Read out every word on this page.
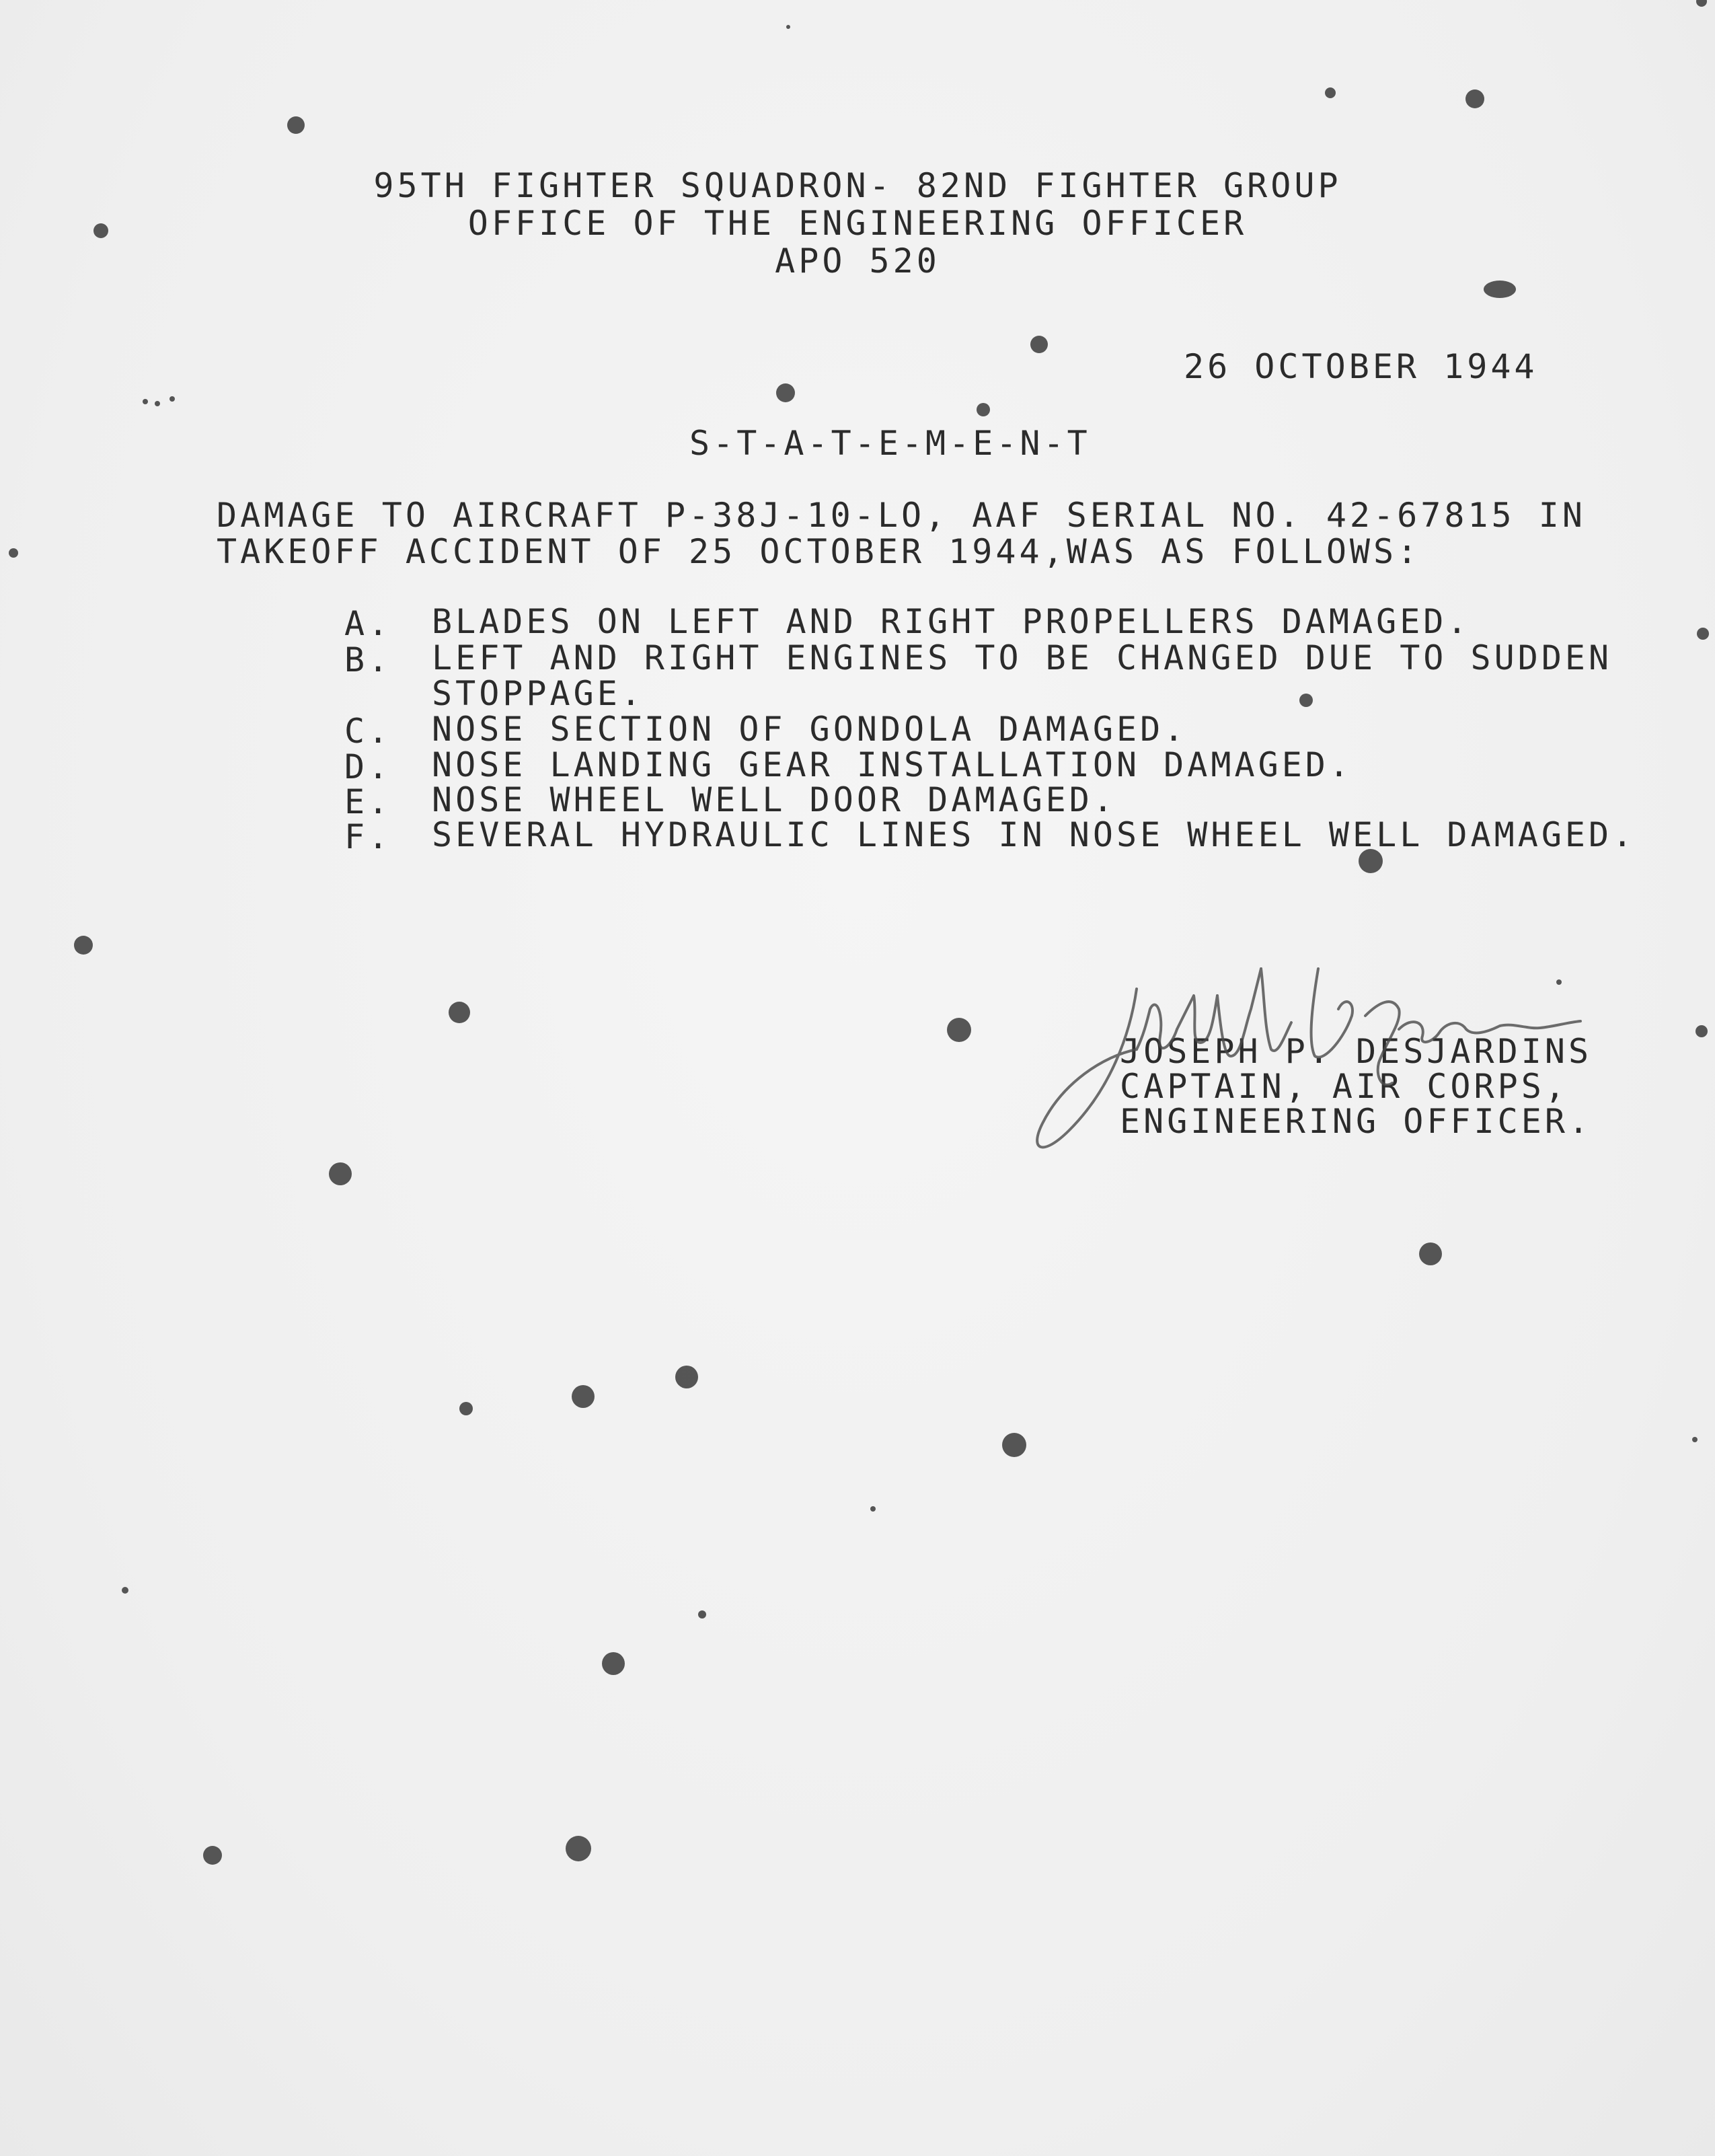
95TH FIGHTER SQUADRON- 82ND FIGHTER GROUP
OFFICE OF THE ENGINEERING OFFICER
APO 520
26 OCTOBER 1944
S-T-A-T-E-M-E-N-T
DAMAGE TO AIRCRAFT P-38J-10-LO, AAF SERIAL NO. 42-67815 IN
TAKEOFF ACCIDENT OF 25 OCTOBER 1944,WAS AS FOLLOWS:
A. BLADES ON LEFT AND RIGHT PROPELLERS DAMAGED.
B. LEFT AND RIGHT ENGINES TO BE CHANGED DUE TO SUDDEN
STOPPAGE.
C. NOSE SECTION OF GONDOLA DAMAGED.
D. NOSE LANDING GEAR INSTALLATION DAMAGED.
E. NOSE WHEEL WELL DOOR DAMAGED.
F. SEVERAL HYDRAULIC LINES IN NOSE WHEEL WELL DAMAGED.
JOSEPH P. DESJARDINS
CAPTAIN, AIR CORPS,
ENGINEERING OFFICER.
